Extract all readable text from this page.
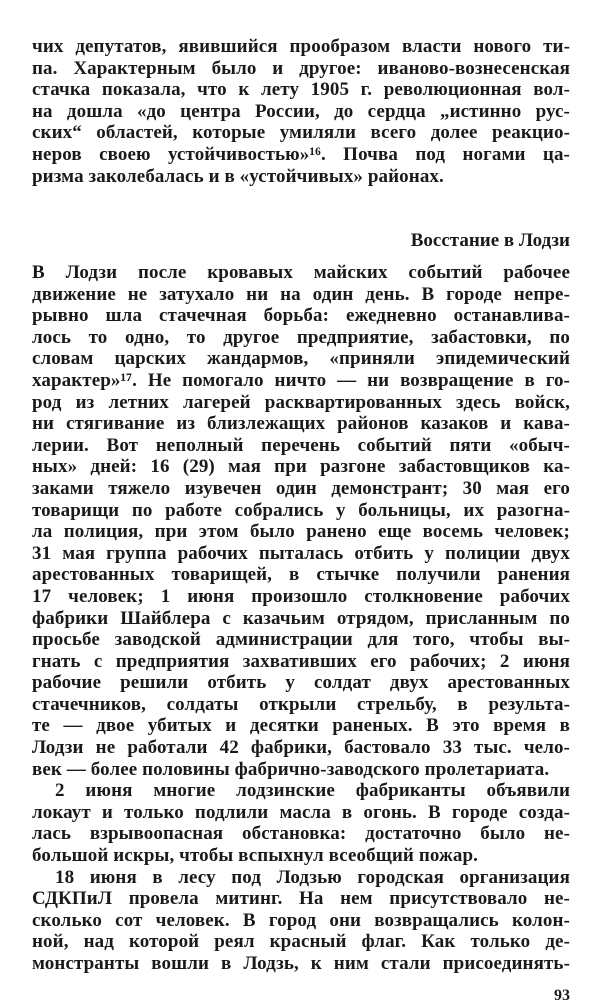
чих депутатов, явившийся прообразом власти нового ти-
па. Характерным было и другое: иваново-вознесенская
стачка показала, что к лету 1905 г. революционная вол-
на дошла «до центра России, до сердца „истинно рус-
ских“ областей, которые умиляли всего долее реакцио-
неров своею устойчивостью»¹⁶. Почва под ногами ца-
ризма заколебалась и в «устойчивых» районах.
Восстание в Лодзи
В Лодзи после кровавых майских событий рабочее
движение не затухало ни на один день. В городе непре-
рывно шла стачечная борьба: ежедневно останавлива-
лось то одно, то другое предприятие, забастовки, по
словам царских жандармов, «приняли эпидемический
характер»¹⁷. Не помогало ничто — ни возвращение в го-
род из летних лагерей расквартированных здесь войск,
ни стягивание из близлежащих районов казаков и кава-
лерии. Вот неполный перечень событий пяти «обыч-
ных» дней: 16 (29) мая при разгоне забастовщиков ка-
заками тяжело изувечен один демонстрант; 30 мая его
товарищи по работе собрались у больницы, их разогна-
ла полиция, при этом было ранено еще восемь человек;
31 мая группа рабочих пыталась отбить у полиции двух
арестованных товарищей, в стычке получили ранения
17 человек; 1 июня произошло столкновение рабочих
фабрики Шайблера с казачьим отрядом, присланным по
просьбе заводской администрации для того, чтобы вы-
гнать с предприятия захвативших его рабочих; 2 июня
рабочие решили отбить у солдат двух арестованных
стачечников, солдаты открыли стрельбу, в результа-
те — двое убитых и десятки раненых. В это время в
Лодзи не работали 42 фабрики, бастовало 33 тыс. чело-
век — более половины фабрично-заводского пролетариата.
2 июня многие лодзинские фабриканты объявили
локаут и только подлили масла в огонь. В городе созда-
лась взрывоопасная обстановка: достаточно было не-
большой искры, чтобы вспыхнул всеобщий пожар.
18 июня в лесу под Лодзью городская организация
СДКПиЛ провела митинг. На нем присутствовало не-
сколько сот человек. В город они возвращались колон-
ной, над которой реял красный флаг. Как только де-
монстранты вошли в Лодзь, к ним стали присоединять-
93
